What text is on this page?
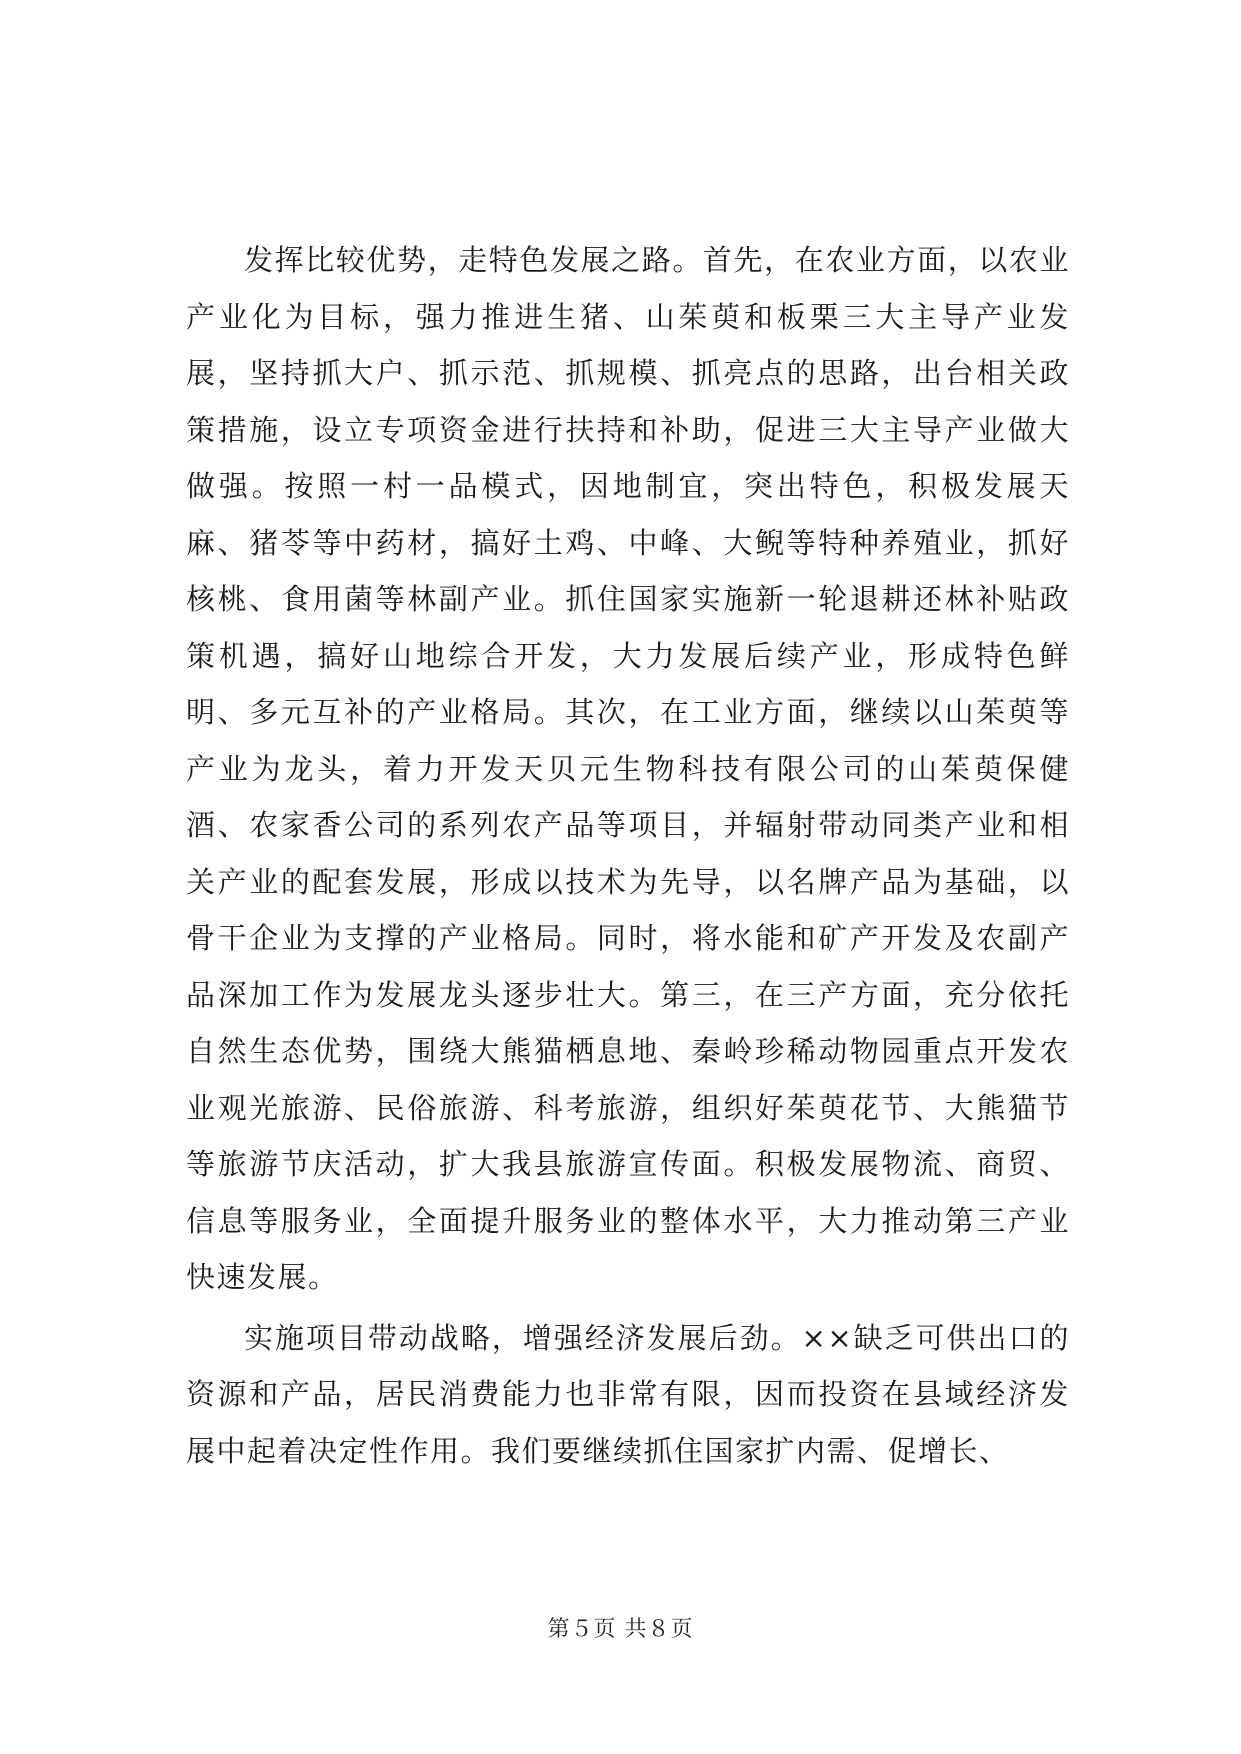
发挥比较优势，走特色发展之路。首先，在农业方面，以农业产业化为目标，强力推进生猪、山茱萸和板栗三大主导产业发展，坚持抓大户、抓示范、抓规模、抓亮点的思路，出台相关政策措施，设立专项资金进行扶持和补助，促进三大主导产业做大做强。按照一村一品模式，因地制宜，突出特色，积极发展天麻、猪苓等中药材，搞好土鸡、中峰、大鲵等特种养殖业，抓好核桃、食用菌等林副产业。抓住国家实施新一轮退耕还林补贴政策机遇，搞好山地综合开发，大力发展后续产业，形成特色鲜明、多元互补的产业格局。其次，在工业方面，继续以山茱萸等产业为龙头，着力开发天贝元生物科技有限公司的山茱萸保健酒、农家香公司的系列农产品等项目，并辐射带动同类产业和相关产业的配套发展，形成以技术为先导，以名牌产品为基础，以骨干企业为支撑的产业格局。同时，将水能和矿产开发及农副产品深加工作为发展龙头逐步壮大。第三，在三产方面，充分依托自然生态优势，围绕大熊猫栖息地、秦岭珍稀动物园重点开发农业观光旅游、民俗旅游、科考旅游，组织好茱萸花节、大熊猫节等旅游节庆活动，扩大我县旅游宣传面。积极发展物流、商贸、信息等服务业，全面提升服务业的整体水平，大力推动第三产业快速发展。

实施项目带动战略，增强经济发展后劲。××缺乏可供出口的资源和产品，居民消费能力也非常有限，因而投资在县域经济发展中起着决定性作用。我们要继续抓住国家扩内需、促增长、

第５页 共８页
